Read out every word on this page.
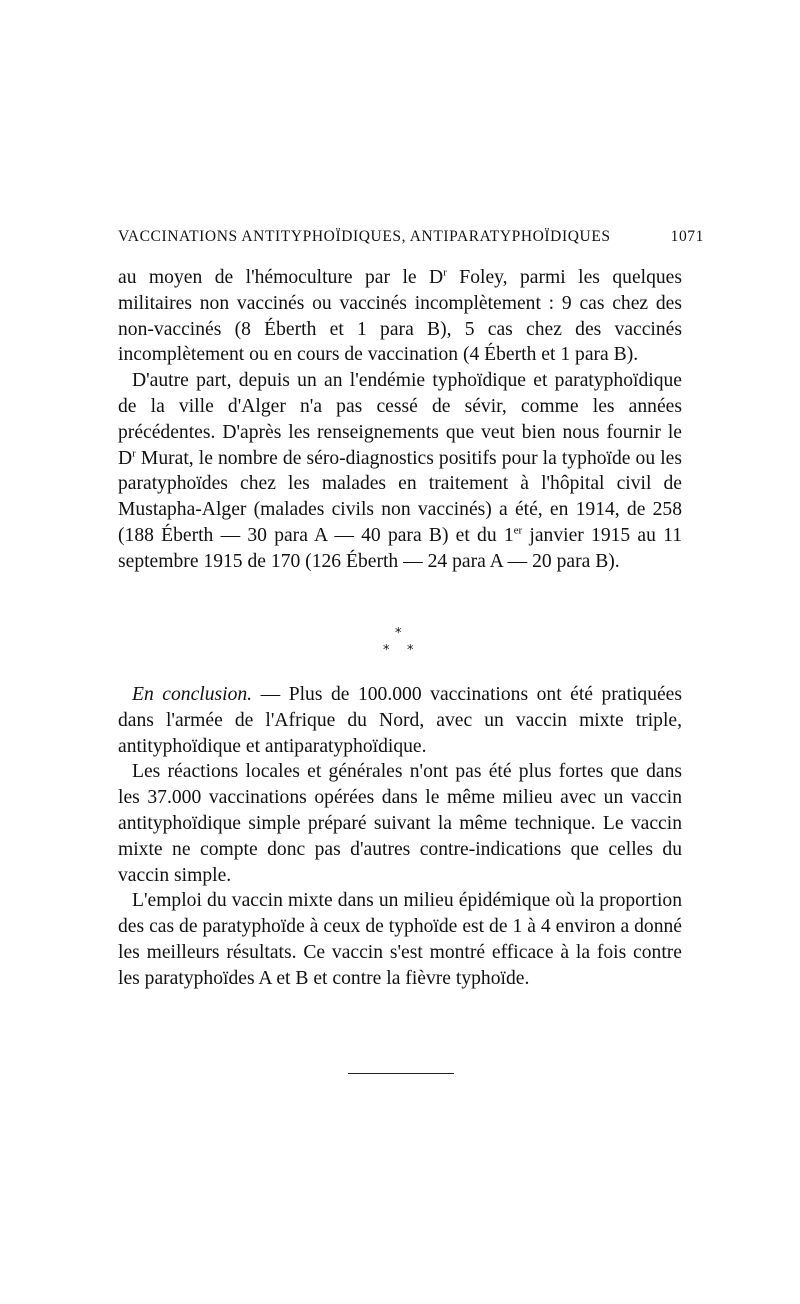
VACCINATIONS ANTITYPHOÏDIQUES, ANTIPARATYPHOÏDIQUES	1071

au moyen de l'hémoculture par le $D^r$ Foley, parmi les quelques militaires non vaccinés ou vaccinés incomplètement : 9 cas chez des non-vaccinés (8 Éberth et 1 para B), 5 cas chez des vaccinés incomplètement ou en cours de vaccination (4 Éberth et 1 para B).

D'autre part, depuis un an l'endémie typhoïdique et paratyphoïdique de la ville d'Alger n'a pas cessé de sévir, comme les années précédentes. D'après les renseignements que veut bien nous fournir le $D^r$ Murat, le nombre de séro-diagnostics positifs pour la typhoïde ou les paratyphoïdes chez les malades en traitement à l'hôpital civil de Mustapha-Alger (malades civils non vaccinés) a été, en 1914, de 258 (188 Éberth — 30 para A — 40 para B) et du 1er janvier 1915 au 11 septembre 1915 de 170 (126 Éberth — 24 para A — 20 para B).

*
* *

En conclusion. — Plus de 100.000 vaccinations ont été pratiquées dans l'armée de l'Afrique du Nord, avec un vaccin mixte triple, antityphoïdique et antiparatyphoïdique.

Les réactions locales et générales n'ont pas été plus fortes que dans les 37.000 vaccinations opérées dans le même milieu avec un vaccin antityphoïdique simple préparé suivant la même technique. Le vaccin mixte ne compte donc pas d'autres contre-indications que celles du vaccin simple.

L'emploi du vaccin mixte dans un milieu épidémique où la proportion des cas de paratyphoïde à ceux de typhoïde est de 1 à 4 environ a donné les meilleurs résultats. Ce vaccin s'est montré efficace à la fois contre les paratyphoïdes A et B et contre la fièvre typhoïde.
